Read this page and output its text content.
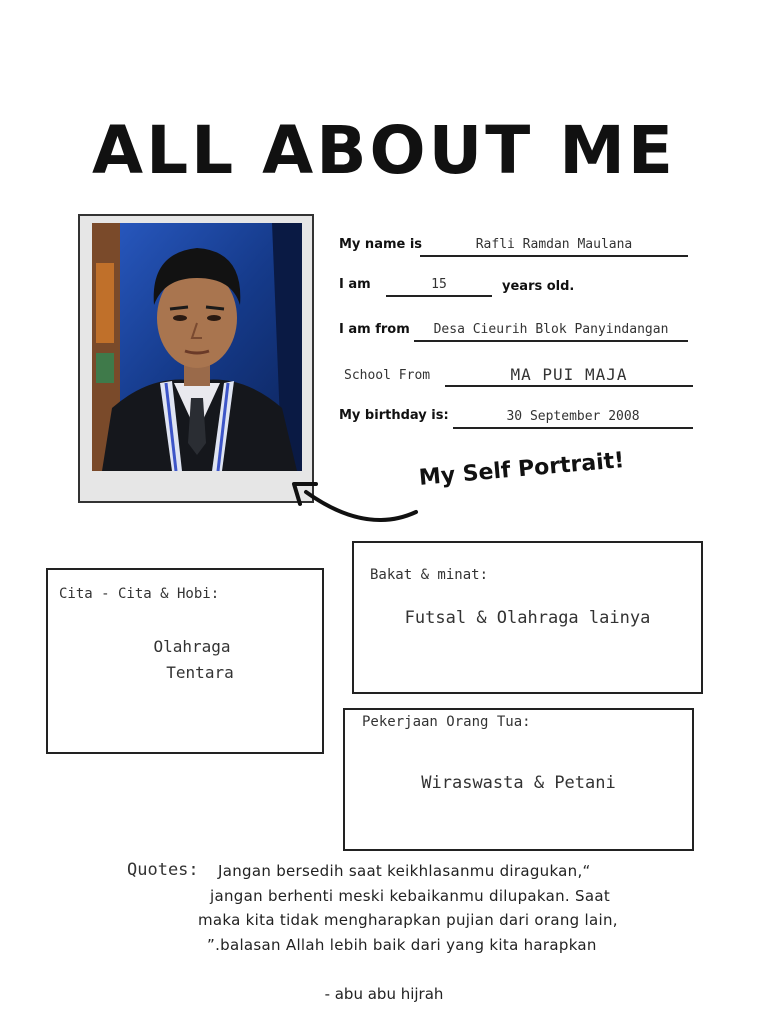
ALL ABOUT ME
My name is	Rafli Ramdan Maulana
I am	15	years old.
I am from	Desa Cieurih Blok Panyindangan
School From	MA PUI MAJA
My birthday is:	30 September 2008
My Self Portrait!
Cita - Cita & Hobi:
Olahraga
Tentara
Bakat & minat:
Futsal & Olahraga lainya
Pekerjaan Orang Tua:
Wiraswasta & Petani
Quotes: Jangan bersedih saat keikhlasanmu diragukan,“
jangan berhenti meski kebaikanmu dilupakan. Saat
maka kita tidak mengharapkan pujian dari orang lain,
”.balasan Allah lebih baik dari yang kita harapkan
- abu abu hijrah
